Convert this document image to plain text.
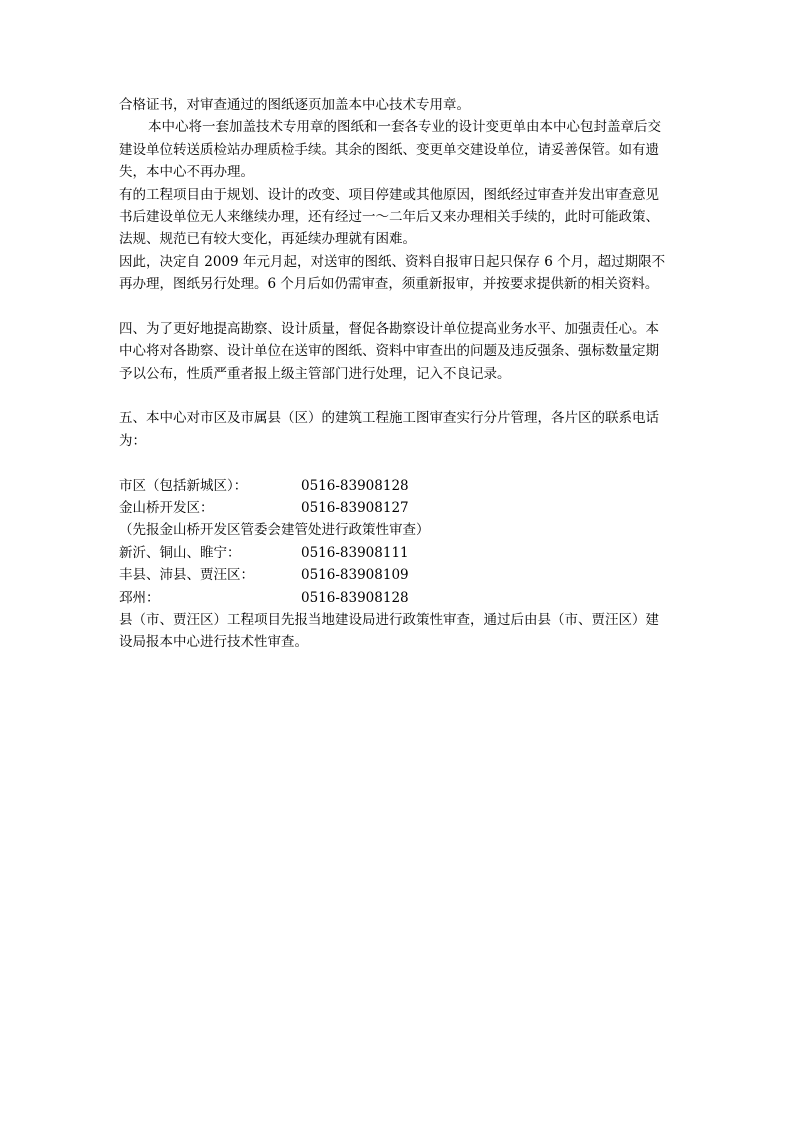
合格证书，对审查通过的图纸逐页加盖本中心技术专用章。
本中心将一套加盖技术专用章的图纸和一套各专业的设计变更单由本中心包封盖章后交
建设单位转送质检站办理质检手续。其余的图纸、变更单交建设单位，请妥善保管。如有遗
失，本中心不再办理。
有的工程项目由于规划、设计的改变、项目停建或其他原因，图纸经过审查并发出审查意见
书后建设单位无人来继续办理，还有经过一～二年后又来办理相关手续的，此时可能政策、
法规、规范已有较大变化，再延续办理就有困难。
因此，决定自 2009 年元月起，对送审的图纸、资料自报审日起只保存 6 个月，超过期限不
再办理，图纸另行处理。6 个月后如仍需审查，须重新报审，并按要求提供新的相关资料。
四、为了更好地提高勘察、设计质量，督促各勘察设计单位提高业务水平、加强责任心。本
中心将对各勘察、设计单位在送审的图纸、资料中审查出的问题及违反强条、强标数量定期
予以公布，性质严重者报上级主管部门进行处理，记入不良记录。
五、本中心对市区及市属县（区）的建筑工程施工图审查实行分片管理，各片区的联系电话
为：
市区（包括新城区）：	0516-83908128
金山桥开发区：	0516-83908127
（先报金山桥开发区管委会建管处进行政策性审查）
新沂、铜山、睢宁：	0516-83908111
丰县、沛县、贾汪区：	0516-83908109
邳州：	0516-83908128
县（市、贾汪区）工程项目先报当地建设局进行政策性审查，通过后由县（市、贾汪区）建
设局报本中心进行技术性审查。
